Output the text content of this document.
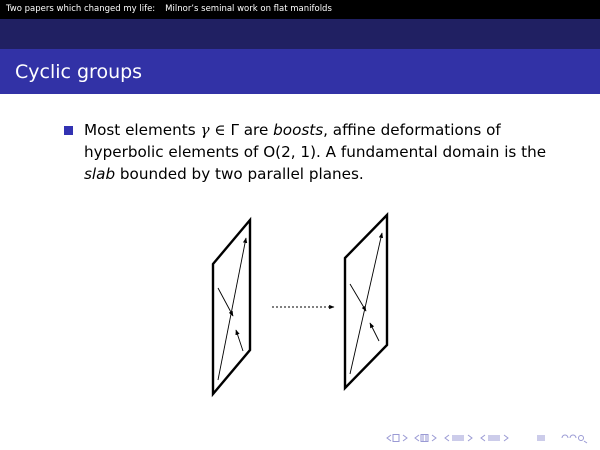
Two papers which changed my life: Milnor’s seminal work on flat manifolds
Cyclic groups
Most elements γ ∈ Γ are boosts, affine deformations of
hyperbolic elements of O(2, 1). A fundamental domain is the
slab bounded by two parallel planes.
